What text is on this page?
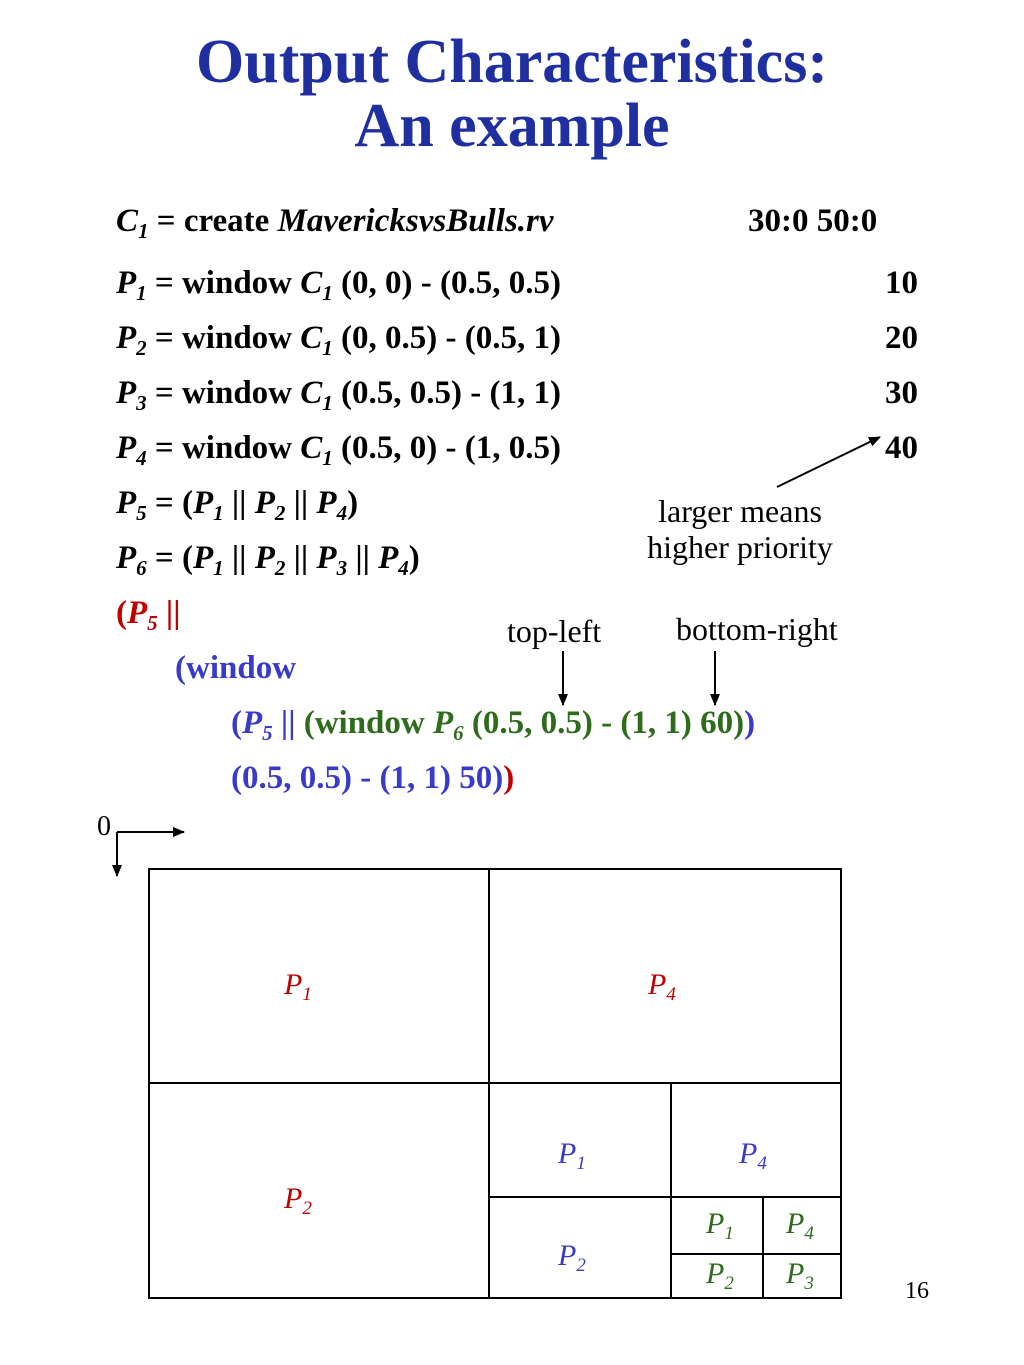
Output Characteristics:
An example
$C_1$ = create MavericksvsBulls.rv	30:0 50:0
$P_1$ = window $C_1$ (0, 0) - (0.5, 0.5)	10
$P_2$ = window $C_1$ (0, 0.5) - (0.5, 1)	20
$P_3$ = window $C_1$ (0.5, 0.5) - (1, 1)	30
$P_4$ = window $C_1$ (0.5, 0) - (1, 0.5)	40
$P_5 = (P_1$ || $P_2$ || $P_4$)
$P_6 = (P_1$ || $P_2$ || $P_3$ || $P_4$)
larger means
higher priority
($P_5$ ||
(window
($P_5$ || (window $P_6$ (0.5, 0.5) - (1, 1) 60))
(0.5, 0.5) - (1, 1) 50))
top-left bottom-right
0
$P_1$	$P_4$
$P_2$
$P_1$	$P_4$
$P_2$
$P_1$ $P_4$
$P_2$ $P_3$	16
